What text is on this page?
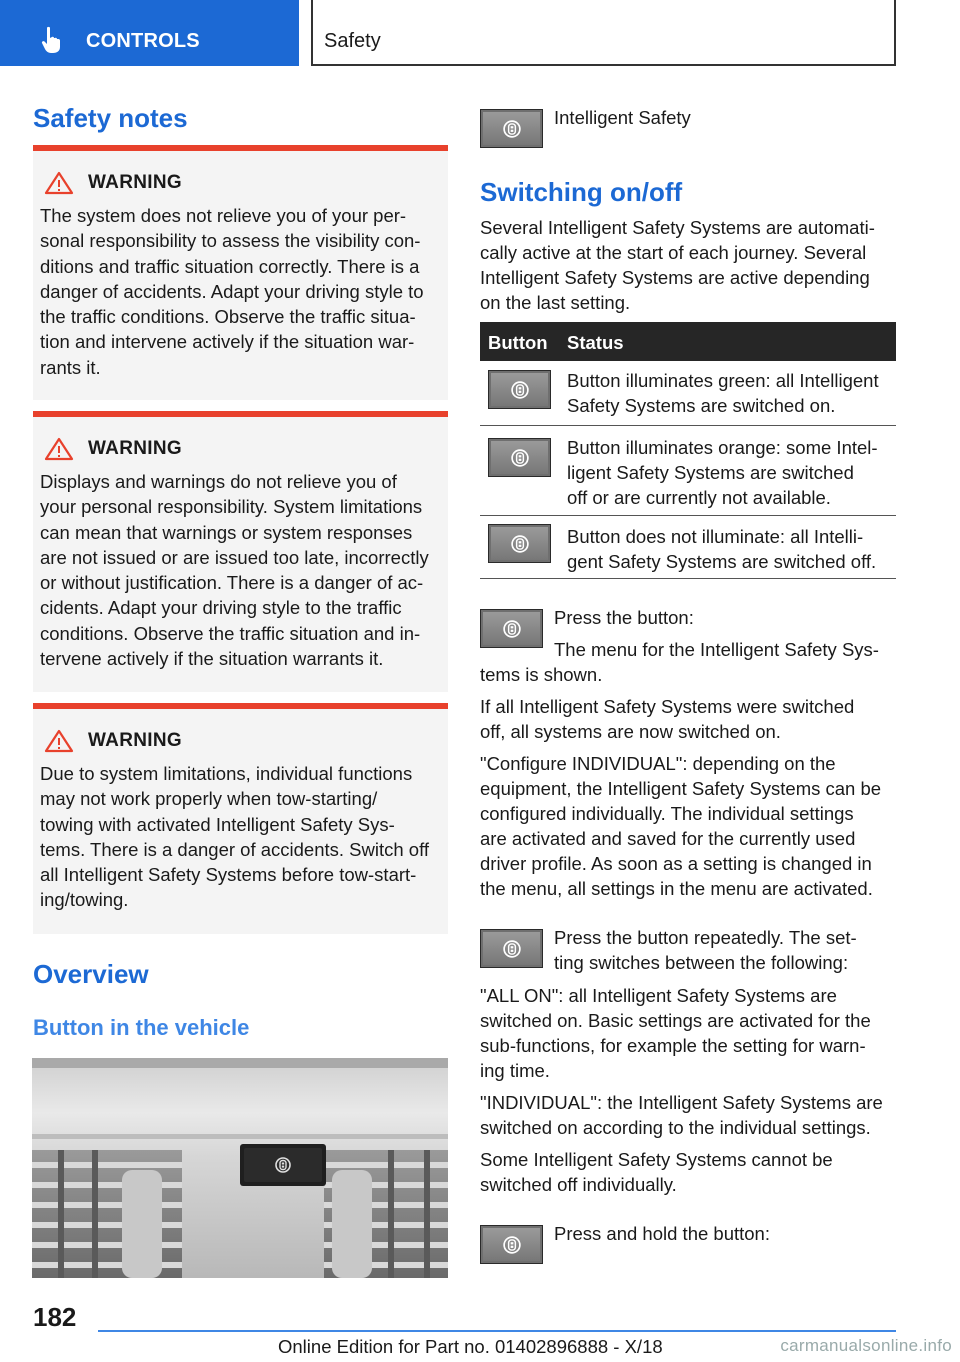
CONTROLS	Safety
Safety notes
WARNING
The system does not relieve you of your per-
sonal responsibility to assess the visibility con-
ditions and traffic situation correctly. There is a
danger of accidents. Adapt your driving style to
the traffic conditions. Observe the traffic situa-
tion and intervene actively if the situation war-
rants it.
WARNING
Displays and warnings do not relieve you of
your personal responsibility. System limitations
can mean that warnings or system responses
are not issued or are issued too late, incorrectly
or without justification. There is a danger of ac-
cidents. Adapt your driving style to the traffic
conditions. Observe the traffic situation and in-
tervene actively if the situation warrants it.
WARNING
Due to system limitations, individual functions
may not work properly when tow-starting/
towing with activated Intelligent Safety Sys-
tems. There is a danger of accidents. Switch off
all Intelligent Safety Systems before tow-start-
ing/towing.
Overview
Button in the vehicle
Intelligent Safety
Switching on/off
Several Intelligent Safety Systems are automati-
cally active at the start of each journey. Several
Intelligent Safety Systems are active depending
on the last setting.
Button Status
Button illuminates green: all Intelligent
Safety Systems are switched on.
Button illuminates orange: some Intel-
ligent Safety Systems are switched
off or are currently not available.
Button does not illuminate: all Intelli-
gent Safety Systems are switched off.
Press the button:
The menu for the Intelligent Safety Sys-
tems is shown.
If all Intelligent Safety Systems were switched
off, all systems are now switched on.
"Configure INDIVIDUAL": depending on the
equipment, the Intelligent Safety Systems can be
configured individually. The individual settings
are activated and saved for the currently used
driver profile. As soon as a setting is changed in
the menu, all settings in the menu are activated.
Press the button repeatedly. The set-
ting switches between the following:
"ALL ON": all Intelligent Safety Systems are
switched on. Basic settings are activated for the
sub-functions, for example the setting for warn-
ing time.
"INDIVIDUAL": the Intelligent Safety Systems are
switched on according to the individual settings.
Some Intelligent Safety Systems cannot be
switched off individually.
Press and hold the button:
182
Online Edition for Part no. 01402896888 - X/18	carmanualsonline.info
